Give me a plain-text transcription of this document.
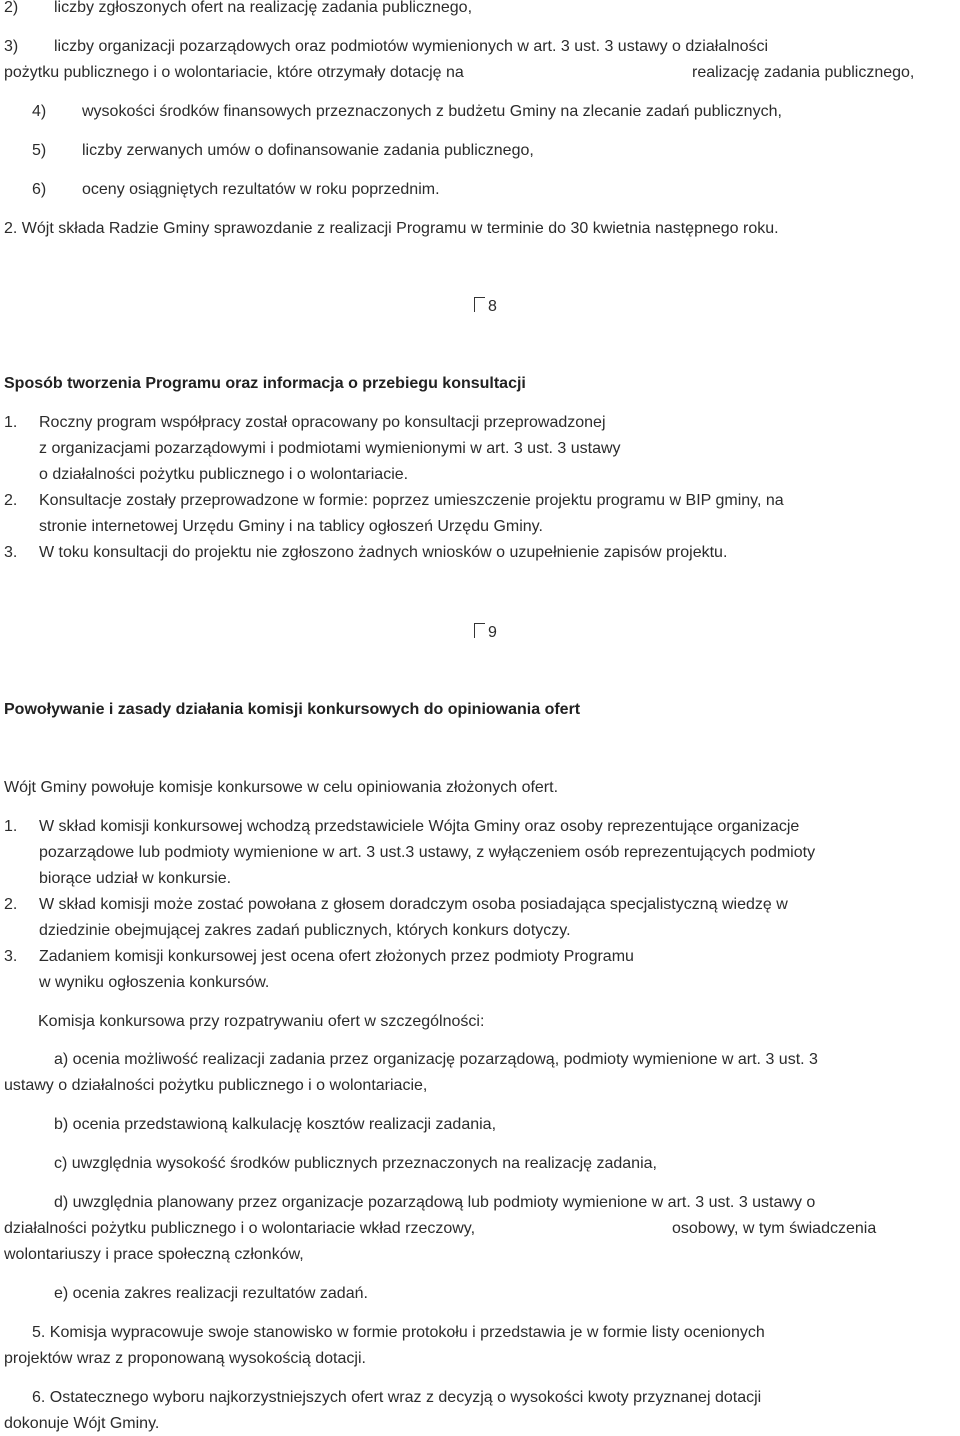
2) liczby zgłoszonych ofert na realizację zadania publicznego,
3) liczby organizacji pozarządowych oraz podmiotów wymienionych w art. 3 ust. 3 ustawy o działalności
pożytku publicznego i o wolontariacie, które otrzymały dotację na	realizację zadania publicznego,
4) wysokości środków finansowych przeznaczonych z budżetu Gminy na zlecanie zadań publicznych,
5) liczby zerwanych umów o dofinansowanie zadania publicznego,
6) oceny osiągniętych rezultatów w roku poprzednim.
2. Wójt składa Radzie Gminy sprawozdanie z realizacji Programu w terminie do 30 kwietnia następnego roku.
8
Sposób tworzenia Programu oraz informacja o przebiegu konsultacji
1. Roczny program współpracy został opracowany po konsultacji przeprowadzonej
z organizacjami pozarządowymi i podmiotami wymienionymi w art. 3 ust. 3 ustawy
o działalności pożytku publicznego i o wolontariacie.
2. Konsultacje zostały przeprowadzone w formie: poprzez umieszczenie projektu programu w BIP gminy, na
stronie internetowej Urzędu Gminy i na tablicy ogłoszeń Urzędu Gminy.
3. W toku konsultacji do projektu nie zgłoszono żadnych wniosków o uzupełnienie zapisów projektu.
9
Powoływanie i zasady działania komisji konkursowych do opiniowania ofert
Wójt Gminy powołuje komisje konkursowe w celu opiniowania złożonych ofert.
1. W skład komisji konkursowej wchodzą przedstawiciele Wójta Gminy oraz osoby reprezentujące organizacje
pozarządowe lub podmioty wymienione w art. 3 ust.3 ustawy, z wyłączeniem osób reprezentujących podmioty
biorące udział w konkursie.
2. W skład komisji może zostać powołana z głosem doradczym osoba posiadająca specjalistyczną wiedzę w
dziedzinie obejmującej zakres zadań publicznych, których konkurs dotyczy.
3. Zadaniem komisji konkursowej jest ocena ofert złożonych przez podmioty Programu
w wyniku ogłoszenia konkursów.
Komisja konkursowa przy rozpatrywaniu ofert w szczególności:
a) ocenia możliwość realizacji zadania przez organizację pozarządową, podmioty wymienione w art. 3 ust. 3
ustawy o działalności pożytku publicznego i o wolontariacie,
b) ocenia przedstawioną kalkulację kosztów realizacji zadania,
c) uwzględnia wysokość środków publicznych przeznaczonych na realizację zadania,
d) uwzględnia planowany przez organizacje pozarządową lub podmioty wymienione w art. 3 ust. 3 ustawy o
działalności pożytku publicznego i o wolontariacie wkład rzeczowy,	osobowy, w tym świadczenia
wolontariuszy i prace społeczną członków,
e) ocenia zakres realizacji rezultatów zadań.
5. Komisja wypracowuje swoje stanowisko w formie protokołu i przedstawia je w formie listy ocenionych
projektów wraz z proponowaną wysokością dotacji.
6. Ostatecznego wyboru najkorzystniejszych ofert wraz z decyzją o wysokości kwoty przyznanej dotacji
dokonuje Wójt Gminy.
